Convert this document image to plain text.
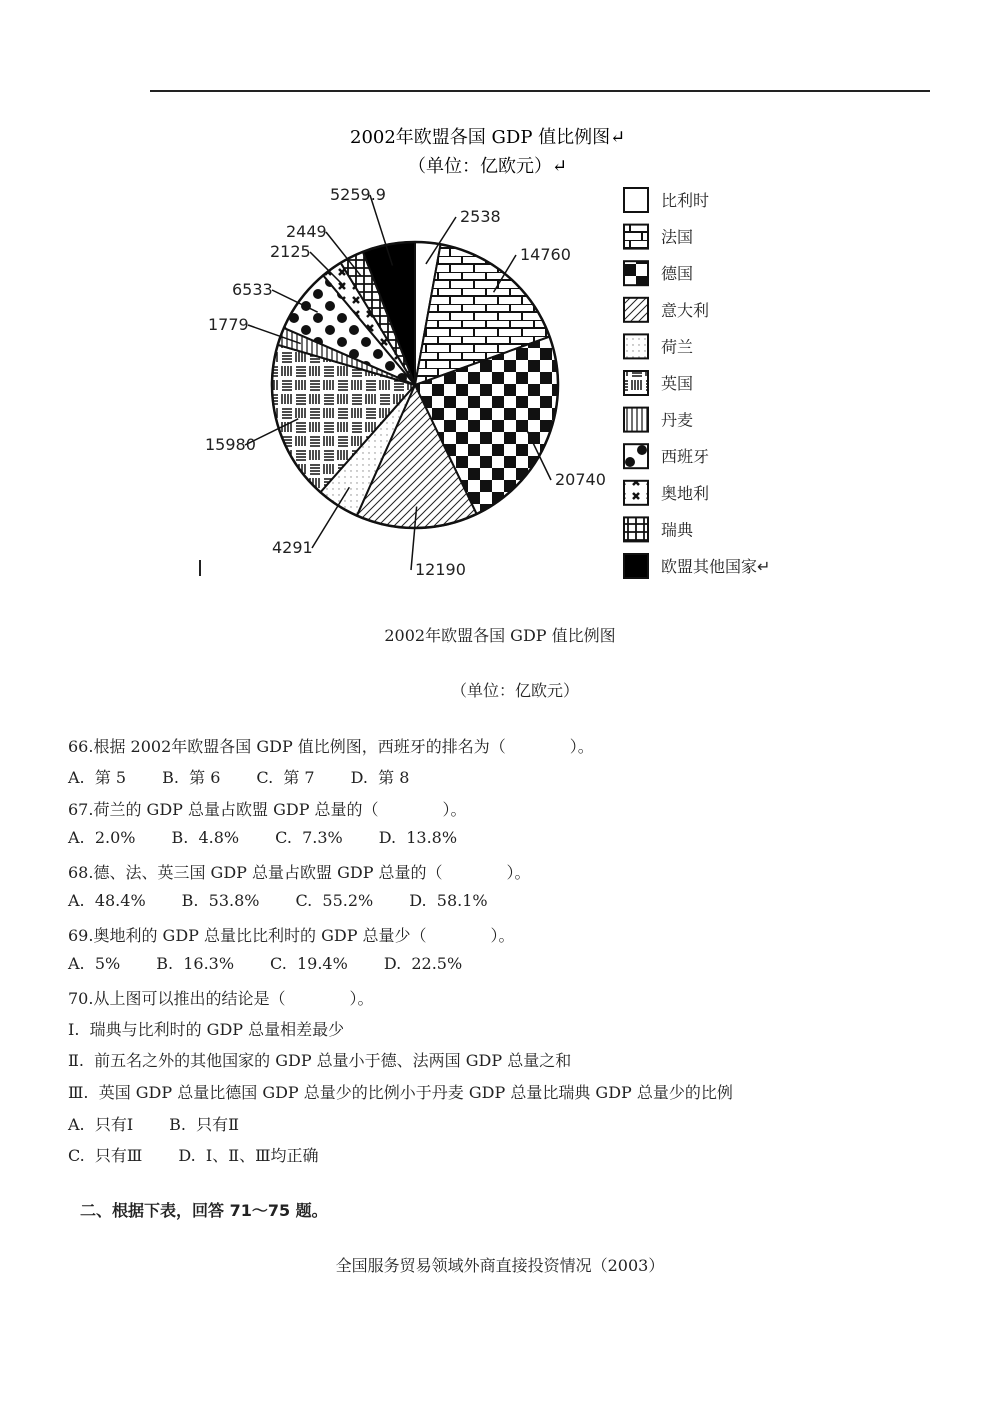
2002年欧盟各国 GDP 值比例图↵
（单位：亿欧元）↵
2538
14760
20740
12190
4291
15980
1779
6533
2125
2449
5259.9	比利时
法国
德国
意大利
荷兰
英国
丹麦
西班牙
奥地利
瑞典
欧盟其他国家↵
2002年欧盟各国 GDP 值比例图
（单位：亿欧元）
66.根据 2002年欧盟各国 GDP 值比例图，西班牙的排名为（　　　　）。
A.  第 5 B.  第 6 C.  第 7 D.  第 8
67.荷兰的 GDP 总量占欧盟 GDP 总量的（　　　　）。
A.  2.0% B.  4.8% C.  7.3% D.  13.8%
68.德、法、英三国 GDP 总量占欧盟 GDP 总量的（　　　　）。
A.  48.4% B.  53.8% C.  55.2% D.  58.1%
69.奥地利的 GDP 总量比比利时的 GDP 总量少（　　　　）。
A.  5% B.  16.3% C.  19.4% D.  22.5%
70.从上图可以推出的结论是（　　　　）。
Ⅰ.  瑞典与比利时的 GDP 总量相差最少
Ⅱ.  前五名之外的其他国家的 GDP 总量小于德、法两国 GDP 总量之和
Ⅲ.  英国 GDP 总量比德国 GDP 总量少的比例小于丹麦 GDP 总量比瑞典 GDP 总量少的比例
A.  只有Ⅰ B.  只有Ⅱ
C.  只有Ⅲ D.  Ⅰ、Ⅱ、Ⅲ均正确
二、根据下表，回答 71～75 题。
全国服务贸易领域外商直接投资情况（2003）
